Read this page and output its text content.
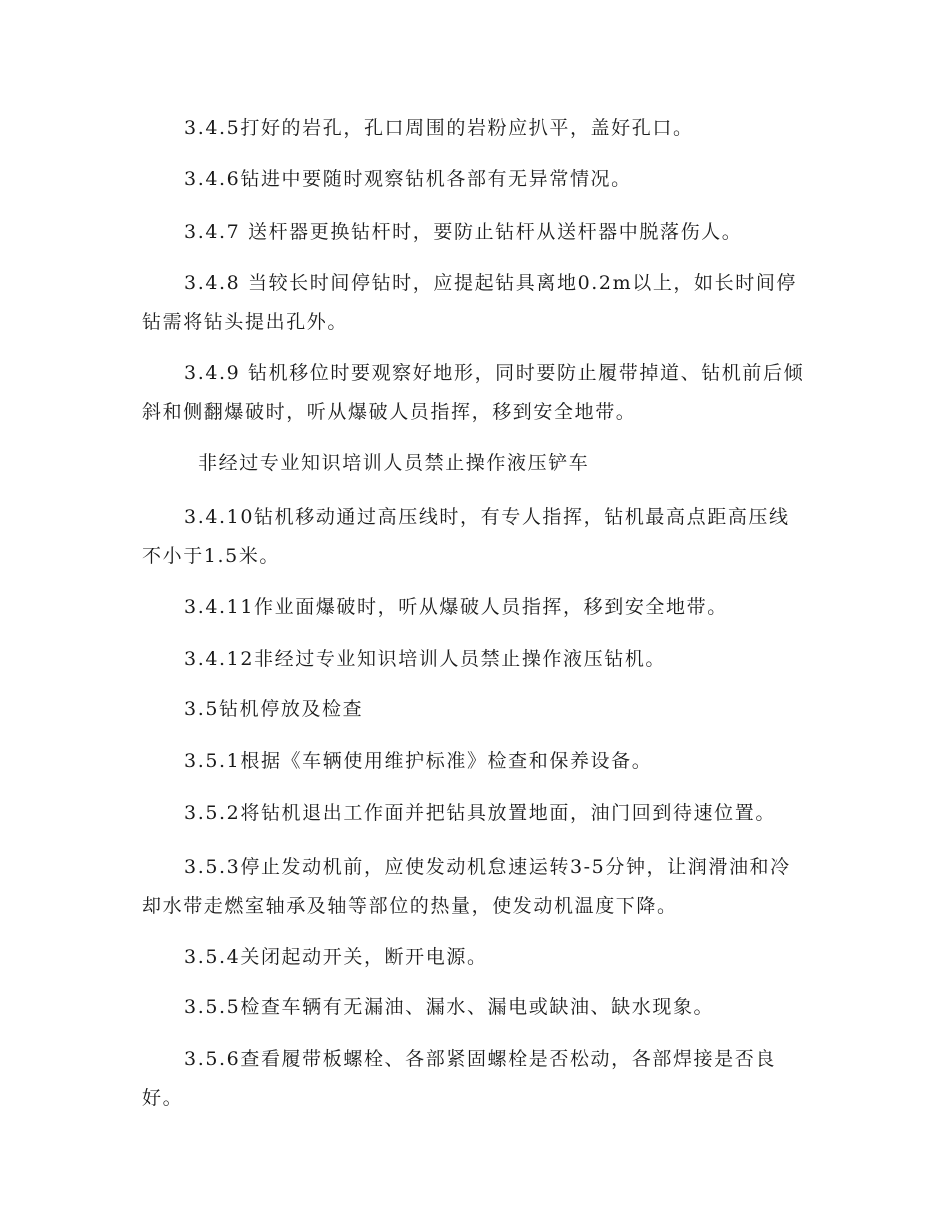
3.4.5打好的岩孔，孔口周围的岩粉应扒平，盖好孔口。

3.4.6钻进中要随时观察钻机各部有无异常情况。

3.4.7 送杆器更换钻杆时，要防止钻杆从送杆器中脱落伤人。

3.4.8 当较长时间停钻时，应提起钻具离地0.2m以上，如长时间停钻需将钻头提出孔外。

3.4.9 钻机移位时要观察好地形，同时要防止履带掉道、钻机前后倾斜和侧翻爆破时，听从爆破人员指挥，移到安全地带。

非经过专业知识培训人员禁止操作液压铲车

3.4.10钻机移动通过高压线时，有专人指挥，钻机最高点距高压线不小于1.5米。

3.4.11作业面爆破时，听从爆破人员指挥，移到安全地带。

3.4.12非经过专业知识培训人员禁止操作液压钻机。

3.5钻机停放及检查

3.5.1根据《车辆使用维护标准》检查和保养设备。

3.5.2将钻机退出工作面并把钻具放置地面，油门回到待速位置。

3.5.3停止发动机前，应使发动机怠速运转3-5分钟，让润滑油和冷却水带走燃室轴承及轴等部位的热量，使发动机温度下降。

3.5.4关闭起动开关，断开电源。

3.5.5检查车辆有无漏油、漏水、漏电或缺油、缺水现象。

3.5.6查看履带板螺栓、各部紧固螺栓是否松动，各部焊接是否良好。
